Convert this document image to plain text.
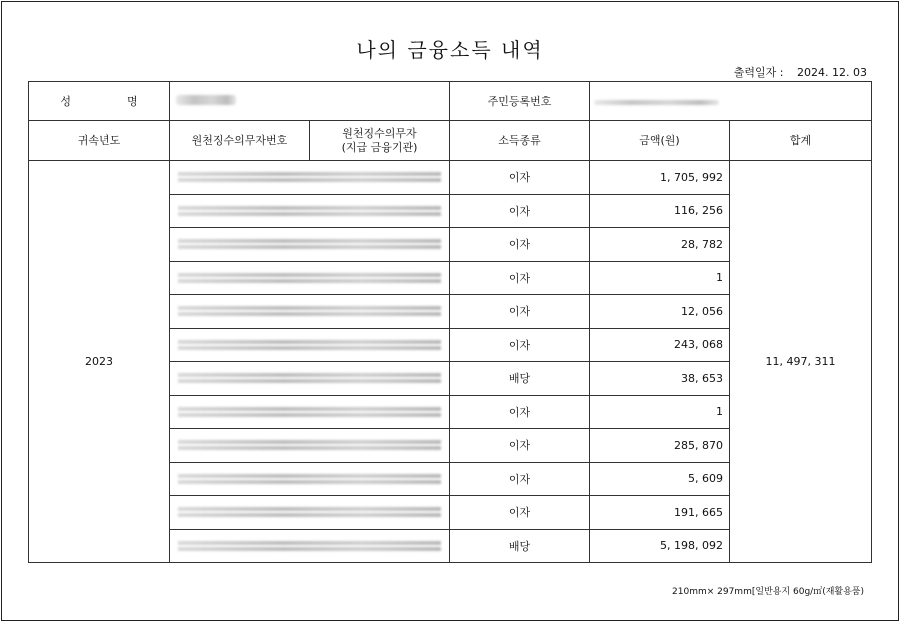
나의 금융소득 내역
출력일자 : 2024. 12. 03
성 명			주민등록번호		
귀속년도	원천징수의무자번호	원천징수의무자
(지급 금융기관)	소득종류	금액(원)	합계
2023			이자	1, 705, 992	11, 497, 311

			이자	116, 256	

			이자	28, 782	

			이자	1	

			이자	12, 056	

			이자	243, 068	

			배당	38, 653	

			이자	1	

			이자	285, 870	

			이자	5, 609	

			이자	191, 665	

			배당	5, 198, 092	
210mm× 297mm[일반용지 60g/㎡(재활용품)
